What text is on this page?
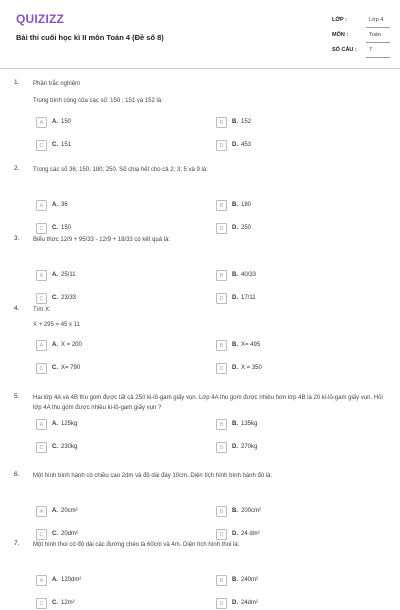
QUIZIZZ
Bài thi cuối học kì II môn Toán 4 (Đề số 8)
LỚP :	Lớp 4
MÔN :	Toán
SỐ CÂU :	7
1. Phần trắc nghiệm
Trung bình cộng của các số: 150 ; 151 và 152 là:
A	A. 150	B	B. 152
C	C. 151	D	D. 453
2. Trong các số 36; 150; 180; 250. Số chia hết cho cả 2; 3; 5 và 9 là:
A	A. 36	B	B. 180
C	C. 150	D	D. 250
3. Biểu thức 12/9 + 95/33 - 12/9 + 18/33 có kết quả là:
A	A. 25/11	B	B. 40/33
C	C. 23/33	D	D. 17/11
4. Tìm X:
X + 295 = 45 x 11
A	A. X = 200	B	B. X= 495
C	C. X= 790	D	D. X = 350
5. Hai lớp 4A và 4B thu gom được tất cả 250 ki-lô-gam giấy vụn. Lớp 4A thu gom được nhiều hơn lớp 4B là 20 ki-lô-gam giấy vụn. Hỏi lớp 4A thu gom được nhiều ki-lô-gam giấy vụn ?
A	A. 125kg	B	B. 135kg
C	C. 230kg	D	D. 270kg
6. Một hình bình hành có chiều cao 2dm và độ dài đáy 10cm. Diện tích hình bình hành đó là:
A	A. 20cm²	B	B. 200cm²
C	C. 20dm²	D	D. 24 dm²
7. Một hình thoi có độ dài các đường chéo là 60cm và 4m. Diện tích hình thoi là:
A	A. 120dm²	B	B. 240m²
C	C. 12m²	D	D. 24dm²
